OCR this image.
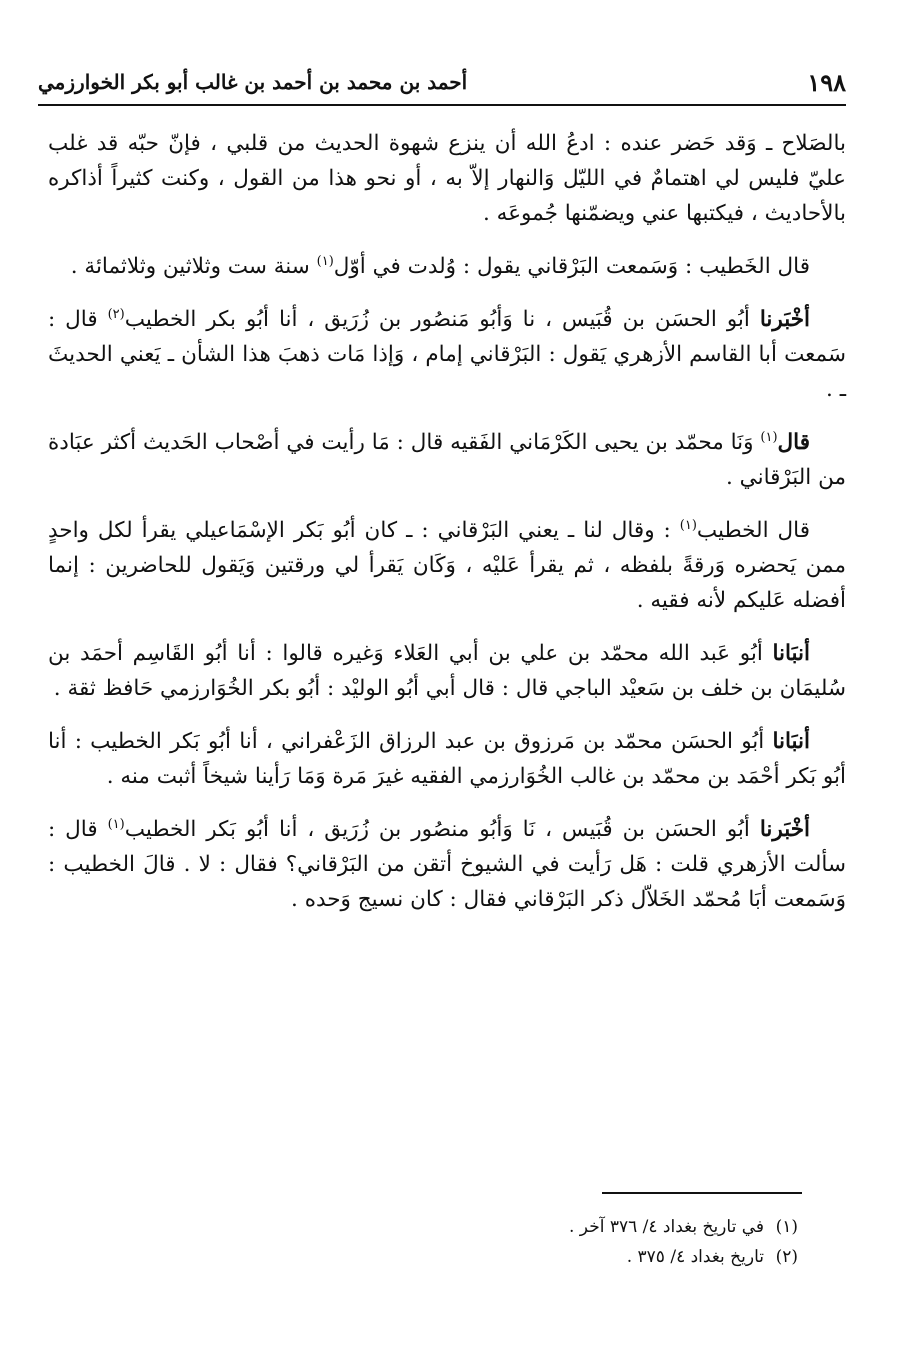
١٩٨
أحمد بن محمد بن أحمد بن غالب أبو بكر الخوارزمي

بالصَلاح ـ وَقد حَضر عنده : ادعُ الله أن ينزع شهوة الحديث من قلبي ، فإنّ حبّه قد غلب عليّ فليس لي اهتمامٌ في الليّل وَالنهار إلاّ به ، أو نحو هذا من القول ، وكنت كثيراً أذاكره بالأحاديث ، فيكتبها عني ويضمّنها جُموعَه .

قال الخَطيب : وَسَمعت البَرْقاني يقول : وُلدت في أوّل$^{(١)}$ سنة ست وثلاثين وثلاثمائة .

أخْبَرنا أبُو الحسَن بن قُبَيس ، نا وَأبُو مَنصُور بن زُرَيق ، أنا أبُو بكر الخطيب$^{(٢)}$ قال : سَمعت أبا القاسم الأزهري يَقول : البَرْقاني إمام ، وَإذا مَات ذهبَ هذا الشأن ـ يَعني الحديثَ ـ .

قال$^{(١)}$ وَنَا محمّد بن يحيى الكَرْمَاني الفَقيه قال : مَا رأيت في أصْحاب الحَديث أكثر عبَادة من البَرْقاني .

قال الخطيب$^{(١)}$ : وقال لنا ـ يعني البَرْقاني : ـ كان أبُو بَكر الإسْمَاعيلي يقرأ لكل واحدٍ ممن يَحضره وَرقةً بلفظه ، ثم يقرأ عَليْه ، وَكَان يَقرأ لي ورقتين وَيَقول للحاضرين : إنما أفضله عَليكم لأنه فقيه .

أنبَانا أبُو عَبد الله محمّد بن علي بن أبي العَلاء وَغيره قالوا : أنا أبُو القَاسِم أحمَد بن سُليمَان بن خلف بن سَعيْد الباجي قال : قال أبي أبُو الوليْد : أبُو بكر الخُوَارزمي حَافظ ثقة .

أنبَانا أبُو الحسَن محمّد بن مَرزوق بن عبد الرزاق الزَعْفراني ، أنا أبُو بَكر الخطيب : أنا أبُو بَكر أحْمَد بن محمّد بن غالب الخُوَارزمي الفقيه غيرَ مَرة وَمَا رَأينا شيخاً أثبت منه .

أخْبَرنا أبُو الحسَن بن قُبَيس ، نَا وَأبُو منصُور بن زُرَيق ، أنا أبُو بَكر الخطيب$^{(١)}$ قال : سألت الأزهري قلت : هَل رَأيت في الشيوخ أتقن من البَرْقاني؟ فقال : لا . قالَ الخطيب : وَسَمعت أبَا مُحمّد الخَلاّل ذكر البَرْقاني فقال : كان نسيج وَحده .

(١)في تاريخ بغداد ٤/ ٣٧٦ آخر .

(٢)تاريخ بغداد ٤/ ٣٧٥ .
